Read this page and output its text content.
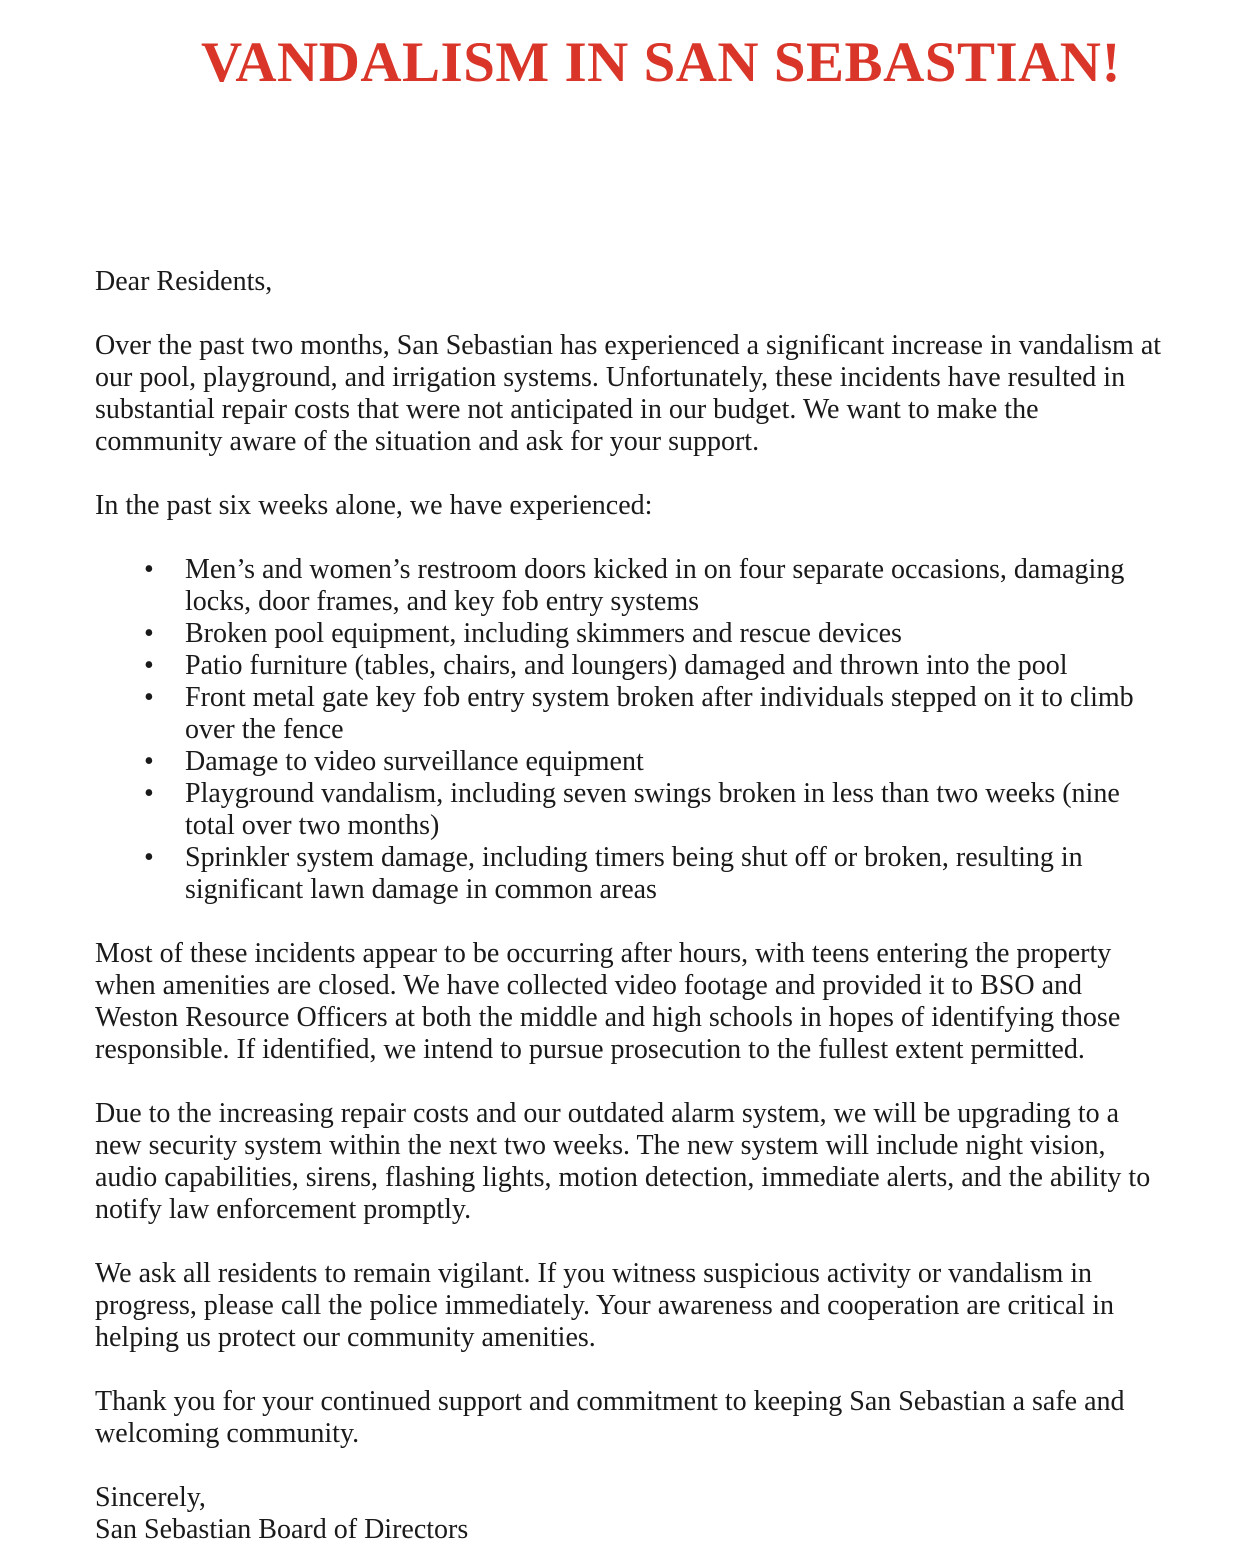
VANDALISM IN SAN SEBASTIAN!

Dear Residents,

Over the past two months, San Sebastian has experienced a significant increase in vandalism at our pool, playground, and irrigation systems. Unfortunately, these incidents have resulted in substantial repair costs that were not anticipated in our budget. We want to make the community aware of the situation and ask for your support.

In the past six weeks alone, we have experienced:

• Men’s and women’s restroom doors kicked in on four separate occasions, damaging locks, door frames, and key fob entry systems
• Broken pool equipment, including skimmers and rescue devices
• Patio furniture (tables, chairs, and loungers) damaged and thrown into the pool
• Front metal gate key fob entry system broken after individuals stepped on it to climb over the fence
• Damage to video surveillance equipment
• Playground vandalism, including seven swings broken in less than two weeks (nine total over two months)
• Sprinkler system damage, including timers being shut off or broken, resulting in significant lawn damage in common areas

Most of these incidents appear to be occurring after hours, with teens entering the property when amenities are closed. We have collected video footage and provided it to BSO and Weston Resource Officers at both the middle and high schools in hopes of identifying those responsible. If identified, we intend to pursue prosecution to the fullest extent permitted.

Due to the increasing repair costs and our outdated alarm system, we will be upgrading to a new security system within the next two weeks. The new system will include night vision, audio capabilities, sirens, flashing lights, motion detection, immediate alerts, and the ability to notify law enforcement promptly.

We ask all residents to remain vigilant. If you witness suspicious activity or vandalism in progress, please call the police immediately. Your awareness and cooperation are critical in helping us protect our community amenities.

Thank you for your continued support and commitment to keeping San Sebastian a safe and welcoming community.

Sincerely,

San Sebastian Board of Directors
